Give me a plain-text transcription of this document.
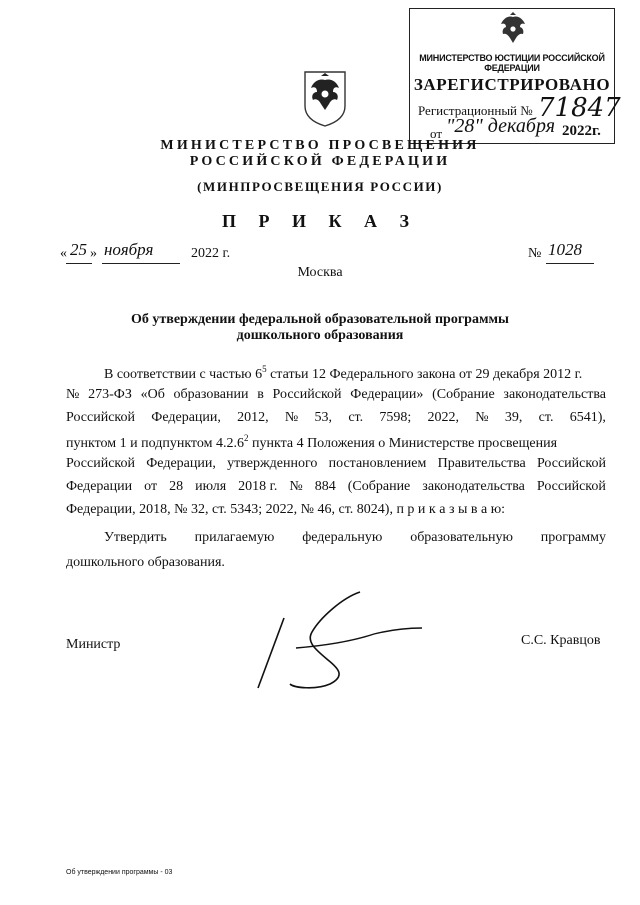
МИНИСТЕРСТВО ЮСТИЦИИ РОССИЙСКОЙ ФЕДЕРАЦИИ
ЗАРЕГИСТРИРОВАНО
Регистрационный № 71847
от "28" декабря 2022г.
МИНИСТЕРСТВО ПРОСВЕЩЕНИЯ
РОССИЙСКОЙ ФЕДЕРАЦИИ
(МИНПРОСВЕЩЕНИЯ РОССИИ)
П Р И К А З
« 25 » ноября	2022 г.	№ 1028
Москва
Об утверждении федеральной образовательной программы
дошкольного образования
В соответствии с частью $6^5$ статьи 12 Федерального закона от 29 декабря 2012 г.
№ 273-ФЗ «Об образовании в Российской Федерации» (Собрание законодательства
Российской Федерации, 2012, № 53, ст. 7598; 2022, № 39, ст. 6541),
пунктом 1 и подпунктом 4.2.6$^2$ пункта 4 Положения о Министерстве просвещения
Российской Федерации, утвержденного постановлением Правительства Российской
Федерации от 28 июля 2018 г. № 884 (Собрание законодательства Российской
Федерации, 2018, № 32, ст. 5343; 2022, № 46, ст. 8024), п р и к а з ы в а ю:
Утвердить прилагаемую федеральную образовательную программу
дошкольного образования.
Министр	С.С. Кравцов
Об утверждении программы - 03
